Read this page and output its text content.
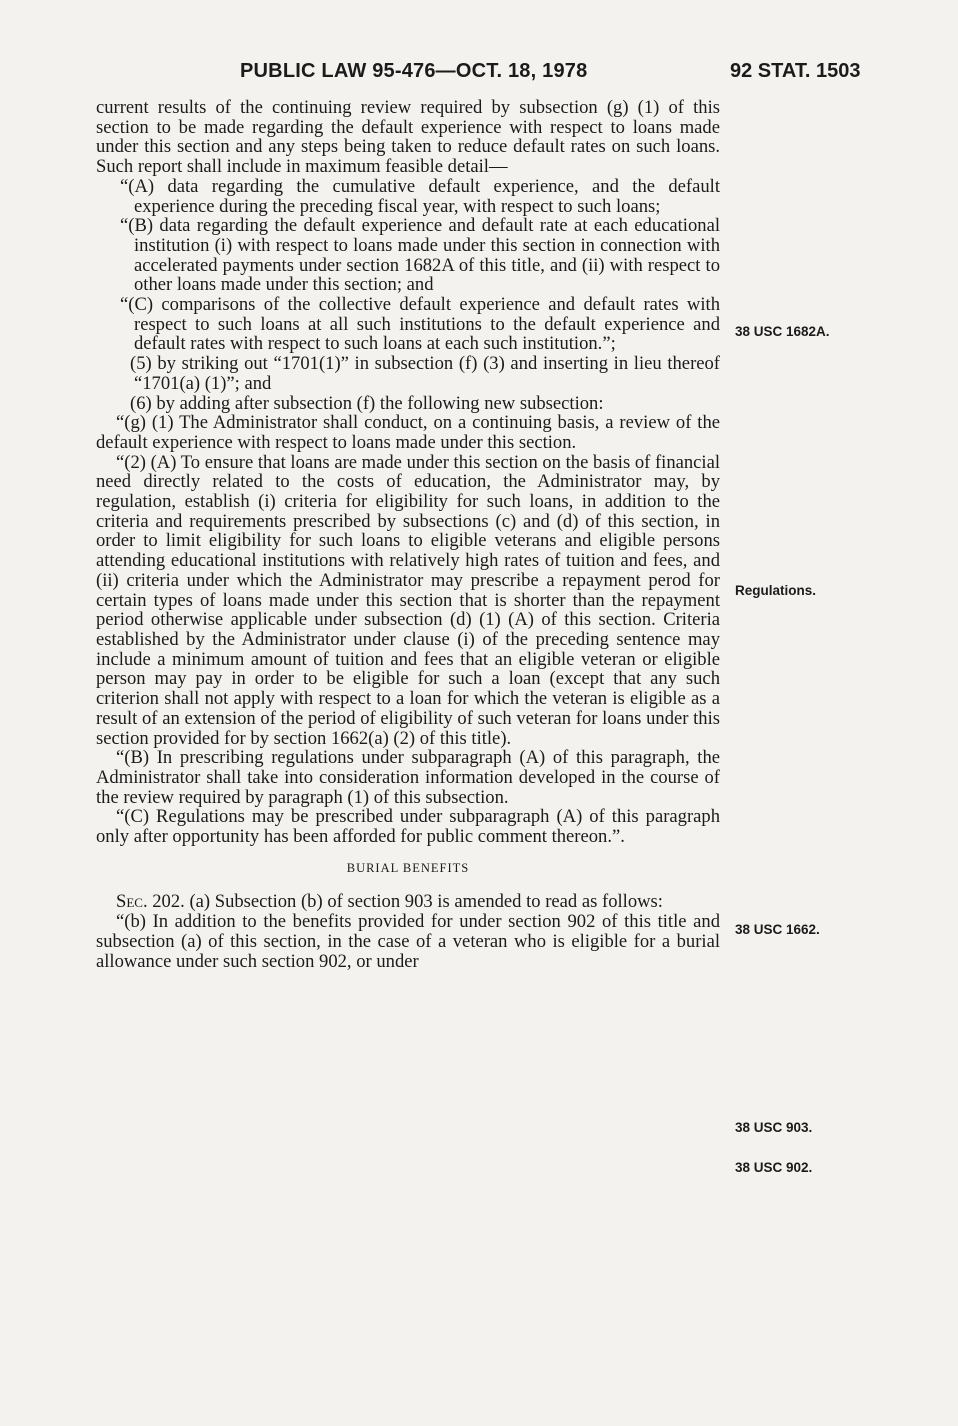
PUBLIC LAW 95-476—OCT. 18, 1978	92 STAT. 1503

current results of the continuing review required by subsection (g) (1) of this section to be made regarding the default experience with respect to loans made under this section and any steps being taken to reduce default rates on such loans. Such report shall include in maximum feasible detail—

“(A) data regarding the cumulative default experience, and the default experience during the preceding fiscal year, with respect to such loans;

“(B) data regarding the default experience and default rate at each educational institution (i) with respect to loans made under this section in connection with accelerated payments under section 1682A of this title, and (ii) with respect to other loans made under this section; and

“(C) comparisons of the collective default experience and default rates with respect to such loans at all such institutions to the default experience and default rates with respect to such loans at each such institution.”;

(5) by striking out “1701(1)” in subsection (f) (3) and inserting in lieu thereof “1701(a) (1)”; and

(6) by adding after subsection (f) the following new subsection:

“(g) (1) The Administrator shall conduct, on a continuing basis, a review of the default experience with respect to loans made under this section.

“(2) (A) To ensure that loans are made under this section on the basis of financial need directly related to the costs of education, the Administrator may, by regulation, establish (i) criteria for eligibility for such loans, in addition to the criteria and requirements prescribed by subsections (c) and (d) of this section, in order to limit eligibility for such loans to eligible veterans and eligible persons attending educational institutions with relatively high rates of tuition and fees, and (ii) criteria under which the Administrator may prescribe a repayment perod for certain types of loans made under this section that is shorter than the repayment period otherwise applicable under subsection (d) (1) (A) of this section. Criteria established by the Administrator under clause (i) of the preceding sentence may include a minimum amount of tuition and fees that an eligible veteran or eligible person may pay in order to be eligible for such a loan (except that any such criterion shall not apply with respect to a loan for which the veteran is eligible as a result of an extension of the period of eligibility of such veteran for loans under this section provided for by section 1662(a) (2) of this title).

“(B) In prescribing regulations under subparagraph (A) of this paragraph, the Administrator shall take into consideration information developed in the course of the review required by paragraph (1) of this subsection.

“(C) Regulations may be prescribed under subparagraph (A) of this paragraph only after opportunity has been afforded for public comment thereon.”.

BURIAL BENEFITS

Sec. 202. (a) Subsection (b) of section 903 is amended to read as follows:

“(b) In addition to the benefits provided for under section 902 of this title and subsection (a) of this section, in the case of a veteran who is eligible for a burial allowance under such section 902, or under

38 USC 1682A.
Regulations.
38 USC 1662.
38 USC 903.
38 USC 902.
